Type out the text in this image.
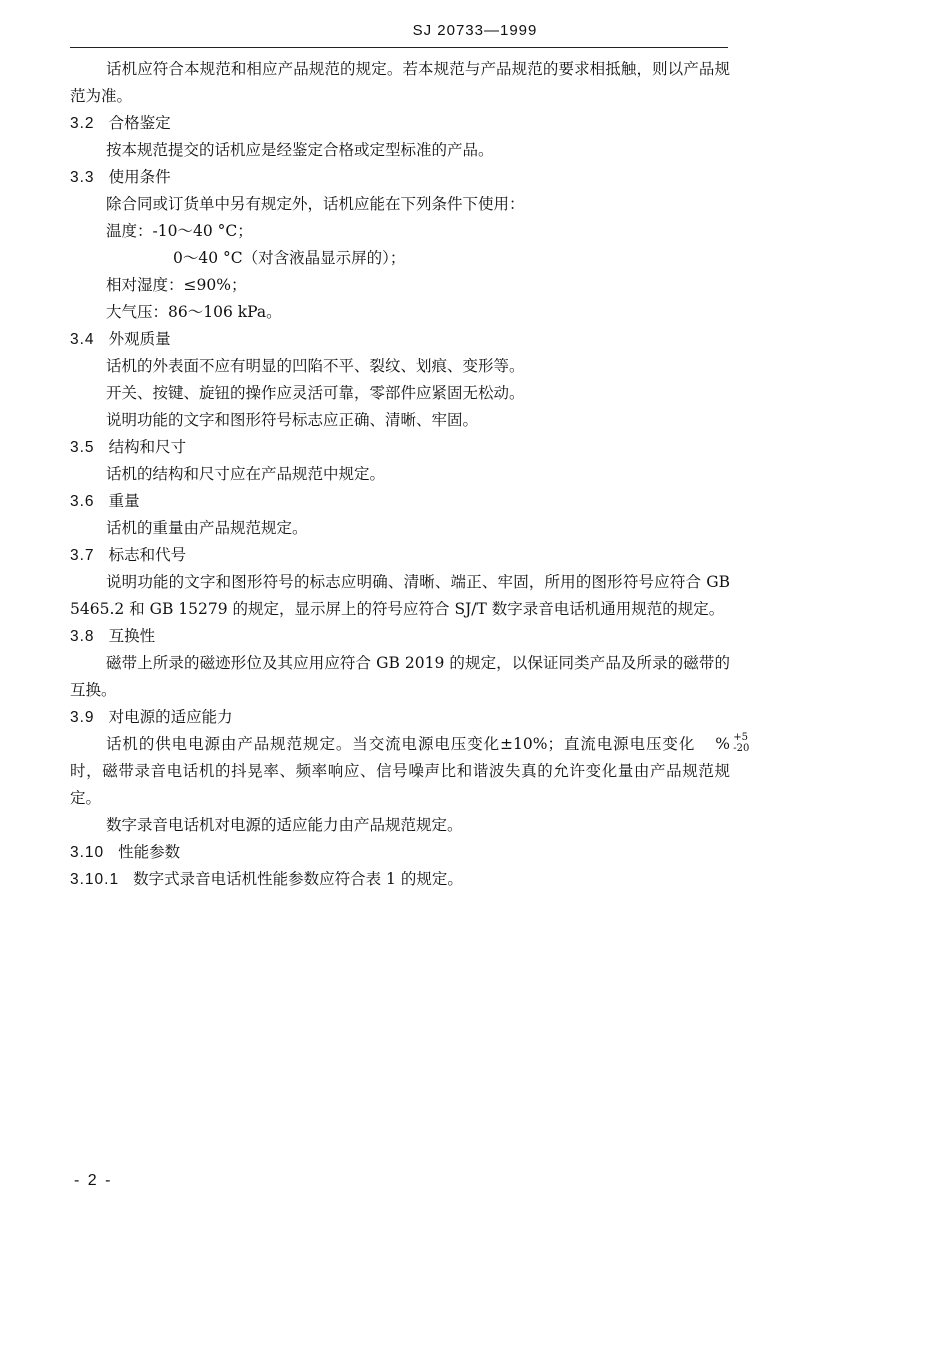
SJ 20733—1999

话机应符合本规范和相应产品规范的规定。若本规范与产品规范的要求相抵触，则以产品规范为准。

3.2 合格鉴定

按本规范提交的话机应是经鉴定合格或定型标准的产品。

3.3 使用条件

除合同或订货单中另有规定外，话机应能在下列条件下使用：

温度：-10～40 °C；

0～40 °C（对含液晶显示屏的）；

相对湿度：≤90%；

大气压：86～106 kPa。

3.4 外观质量

话机的外表面不应有明显的凹陷不平、裂纹、划痕、变形等。

开关、按键、旋钮的操作应灵活可靠，零部件应紧固无松动。

说明功能的文字和图形符号标志应正确、清晰、牢固。

3.5 结构和尺寸

话机的结构和尺寸应在产品规范中规定。

3.6 重量

话机的重量由产品规范规定。

3.7 标志和代号

说明功能的文字和图形符号的标志应明确、清晰、端正、牢固，所用的图形符号应符合 GB 5465.2 和 GB 15279 的规定，显示屏上的符号应符合 SJ/T 数字录音电话机通用规范的规定。

3.8 互换性

磁带上所录的磁迹形位及其应用应符合 GB 2019 的规定，以保证同类产品及所录的磁带的互换。

3.9 对电源的适应能力

话机的供电电源由产品规范规定。当交流电源电压变化±10%；直流电源电压变化	+5
-20
%时，磁带录音电话机的抖晃率、频率响应、信号噪声比和谐波失真的允许变化量由产品规范规定。

数字录音电话机对电源的适应能力由产品规范规定。

3.10 性能参数
3.10.1 数字式录音电话机性能参数应符合表 1 的规定。
- 2 -
